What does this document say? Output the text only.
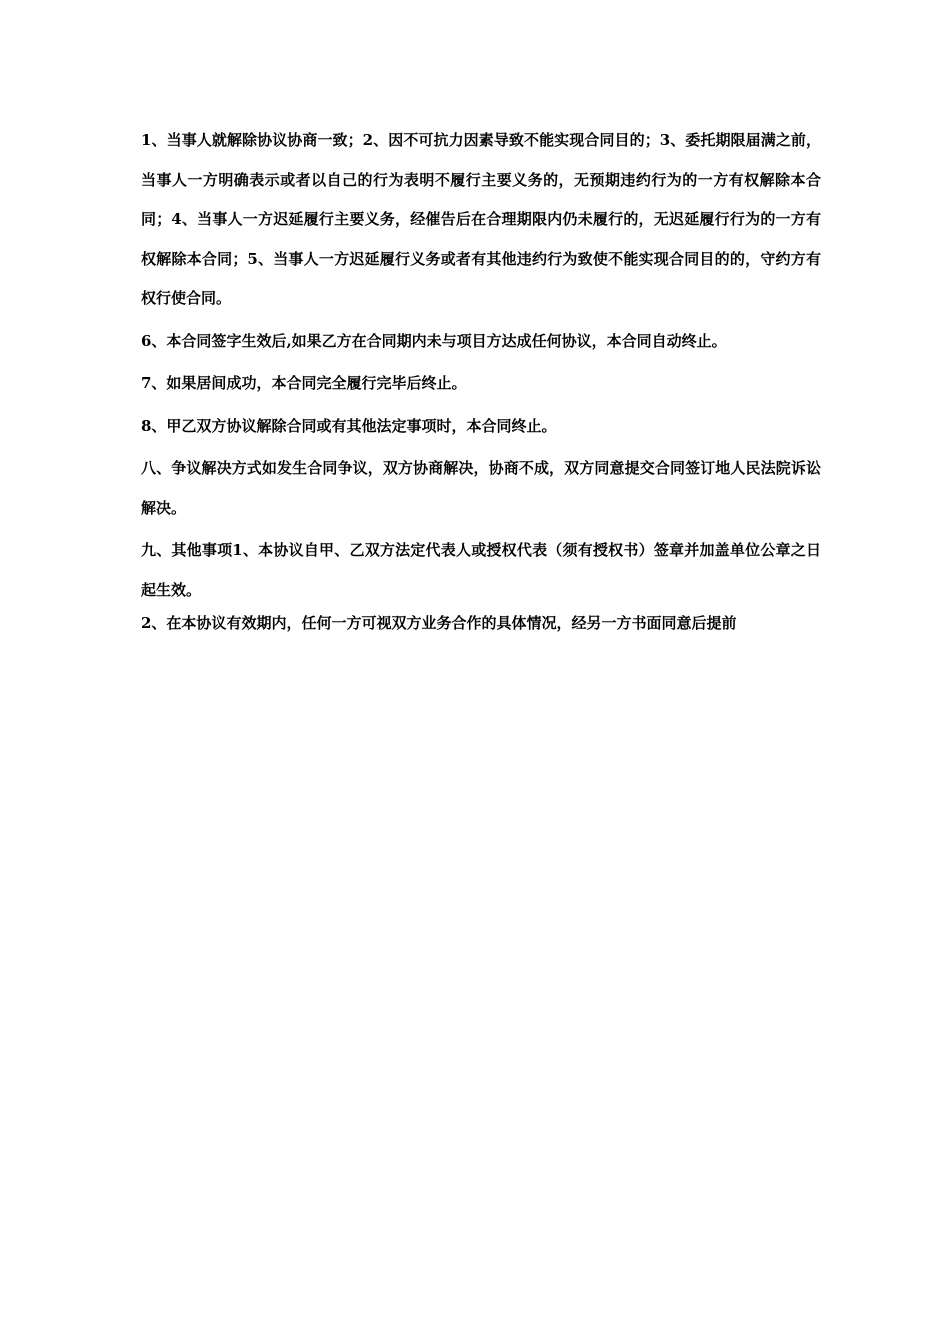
1、当事人就解除协议协商一致；2、因不可抗力因素导致不能实现合同目的；3、委托期限届满之前，当事人一方明确表示或者以自己的行为表明不履行主要义务的，无预期违约行为的一方有权解除本合同；4、当事人一方迟延履行主要义务，经催告后在合理期限内仍未履行的，无迟延履行行为的一方有权解除本合同；5、当事人一方迟延履行义务或者有其他违约行为致使不能实现合同目的的，守约方有权行使合同。

6、本合同签字生效后,如果乙方在合同期内未与项目方达成任何协议，本合同自动终止。

7、如果居间成功，本合同完全履行完毕后终止。

8、甲乙双方协议解除合同或有其他法定事项时，本合同终止。

八、争议解决方式如发生合同争议，双方协商解决，协商不成，双方同意提交合同签订地人民法院诉讼解决。

九、其他事项1、本协议自甲、乙双方法定代表人或授权代表（须有授权书）签章并加盖单位公章之日起生效。

2、在本协议有效期内，任何一方可视双方业务合作的具体情况，经另一方书面同意后提前
